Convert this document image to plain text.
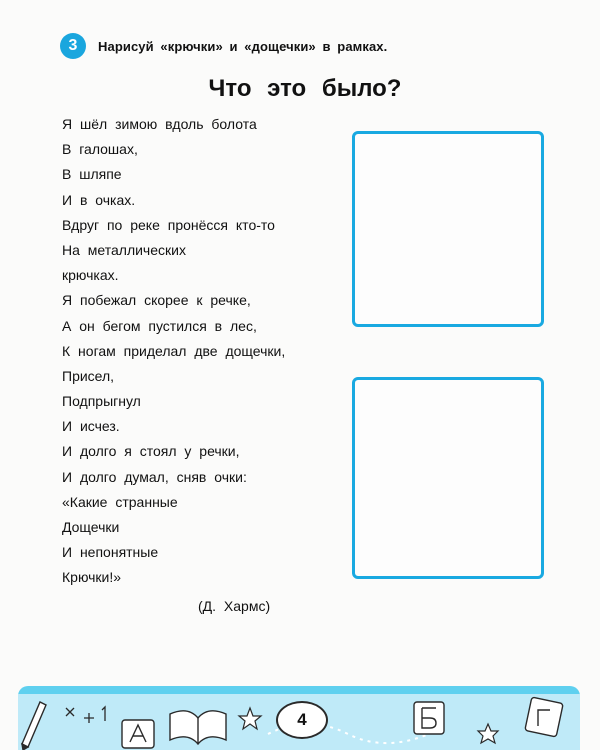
3	Нарисуй «крючки» и «дощечки» в рамках.
Что это было?
Я шёл зимою вдоль болота
В галошах,
В шляпе
И в очках.
Вдруг по реке пронёсся кто-то
На металлических
крючках.
Я побежал скорее к речке,
А он бегом пустился в лес,
К ногам приделал две дощечки,
Присел,
Подпрыгнул
И исчез.
И долго я стоял у речки,
И долго думал, сняв очки:
«Какие странные
Дощечки
И непонятные
Крючки!»
(Д. Хармс)
4
